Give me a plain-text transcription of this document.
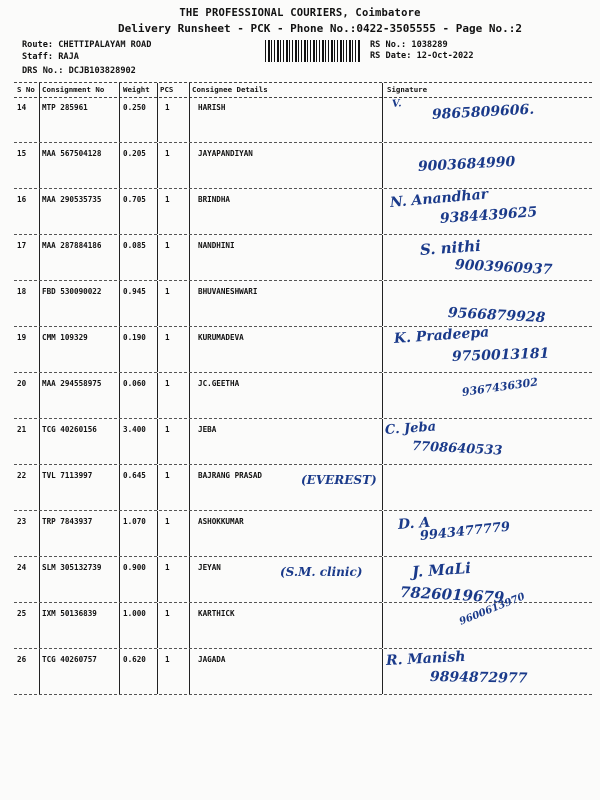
THE PROFESSIONAL COURIERS, Coimbatore
Delivery Runsheet - PCK - Phone No.:0422-3505555 - Page No.:2
Route: CHETTIPALAYAM ROAD
Staff: RAJA
DRS No.: DCJB103828902
RS No.: 1038289
RS Date: 12-Oct-2022
S No Consignment No	Weight PCS	Consignee Details	Signature
14 MTP 285961	0.250	1	HARISH	V. 9865809606.
15 MAA 567504128	0.205	1	JAYAPANDIYAN
9003684990
16 MAA 290535735	0.705	1	BRINDHA	N. Anandhar
9384439625
17 MAA 287884186	0.085	1	NANDHINI	S. nithi
9003960937
18 FBD 530090022	0.945	1	BHUVANESHWARI
9566879928
19 CMM 109329	0.190	1	KURUMADEVA	K. Pradeepa
9750013181
20 MAA 294558975	0.060	1	JC.GEETHA	9367436302
21 TCG 40260156	3.400	1	JEBA	C. Jeba
7708640533
22 TVL 7113997	0.645	1	BAJRANG PRASAD	(EVEREST)
23 TRP 7843937	1.070	1	ASHOKKUMAR	D. A
9943477779
24 SLM 305132739	0.900	1	JEYAN	J. MaLi
7826019679
(S.M. clinic)
25 IXM 50136839	1.000	1	KARTHICK	9600613970
26 TCG 40260757	0.620	1	JAGADA	R. Manish
9894872977
